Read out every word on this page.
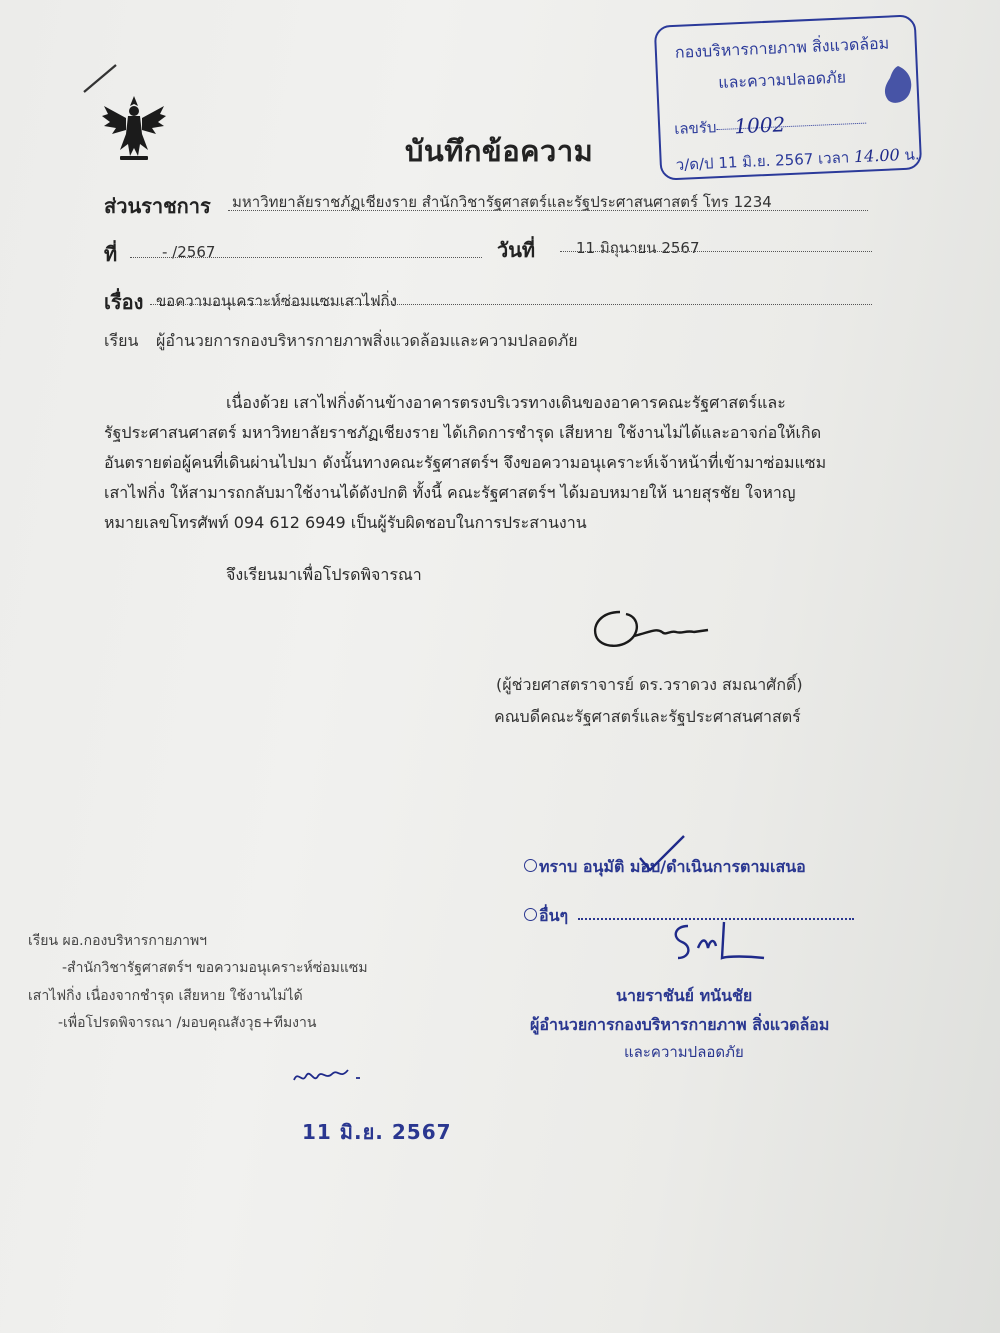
บันทึกข้อความ
กองบริหารกายภาพ สิ่งแวดล้อม
และความปลอดภัย
เลขรับ 1002
ว/ด/ป 11 มิ.ย. 2567 เวลา 14.00 น.
ส่วนราชการ มหาวิทยาลัยราชภัฏเชียงราย สำนักวิชารัฐศาสตร์และรัฐประศาสนศาสตร์ โทร 1234
ที่	- /2567	วันที่	11 มิถุนายน 2567
เรื่อง ขอความอนุเคราะห์ซ่อมแซมเสาไฟกิ่ง
เรียน ผู้อำนวยการกองบริหารกายภาพสิ่งแวดล้อมและความปลอดภัย
เนื่องด้วย เสาไฟกิ่งด้านข้างอาคารตรงบริเวรทางเดินของอาคารคณะรัฐศาสตร์และ
รัฐประศาสนศาสตร์ มหาวิทยาลัยราชภัฏเชียงราย ได้เกิดการชำรุด เสียหาย ใช้งานไม่ได้และอาจก่อให้เกิด
อันตรายต่อผู้คนที่เดินผ่านไปมา ดังนั้นทางคณะรัฐศาสตร์ฯ จึงขอความอนุเคราะห์เจ้าหน้าที่เข้ามาซ่อมแซม
เสาไฟกิ่ง ให้สามารถกลับมาใช้งานได้ดังปกติ ทั้งนี้ คณะรัฐศาสตร์ฯ ได้มอบหมายให้ นายสุรชัย ใจหาญ
หมายเลขโทรศัพท์ 094 612 6949 เป็นผู้รับผิดชอบในการประสานงาน
จึงเรียนมาเพื่อโปรดพิจารณา
(ผู้ช่วยศาสตราจารย์ ดร.วราดวง สมณาศักดิ์)
คณบดีคณะรัฐศาสตร์และรัฐประศาสนศาสตร์
ทราบ อนุมัติ มอบ/ดำเนินการตามเสนอ
อื่นๆ
นายราชันย์ ทนันชัย
ผู้อำนวยการกองบริหารกายภาพ สิ่งแวดล้อม
และความปลอดภัย
เรียน ผอ.กองบริหารกายภาพฯ
-สำนักวิชารัฐศาสตร์ฯ ขอความอนุเคราะห์ซ่อมแซม
เสาไฟกิ่ง เนื่องจากชำรุด เสียหาย ใช้งานไม่ได้
-เพื่อโปรดพิจารณา /มอบคุณสังวุธ+ทีมงาน
11 มิ.ย. 2567
